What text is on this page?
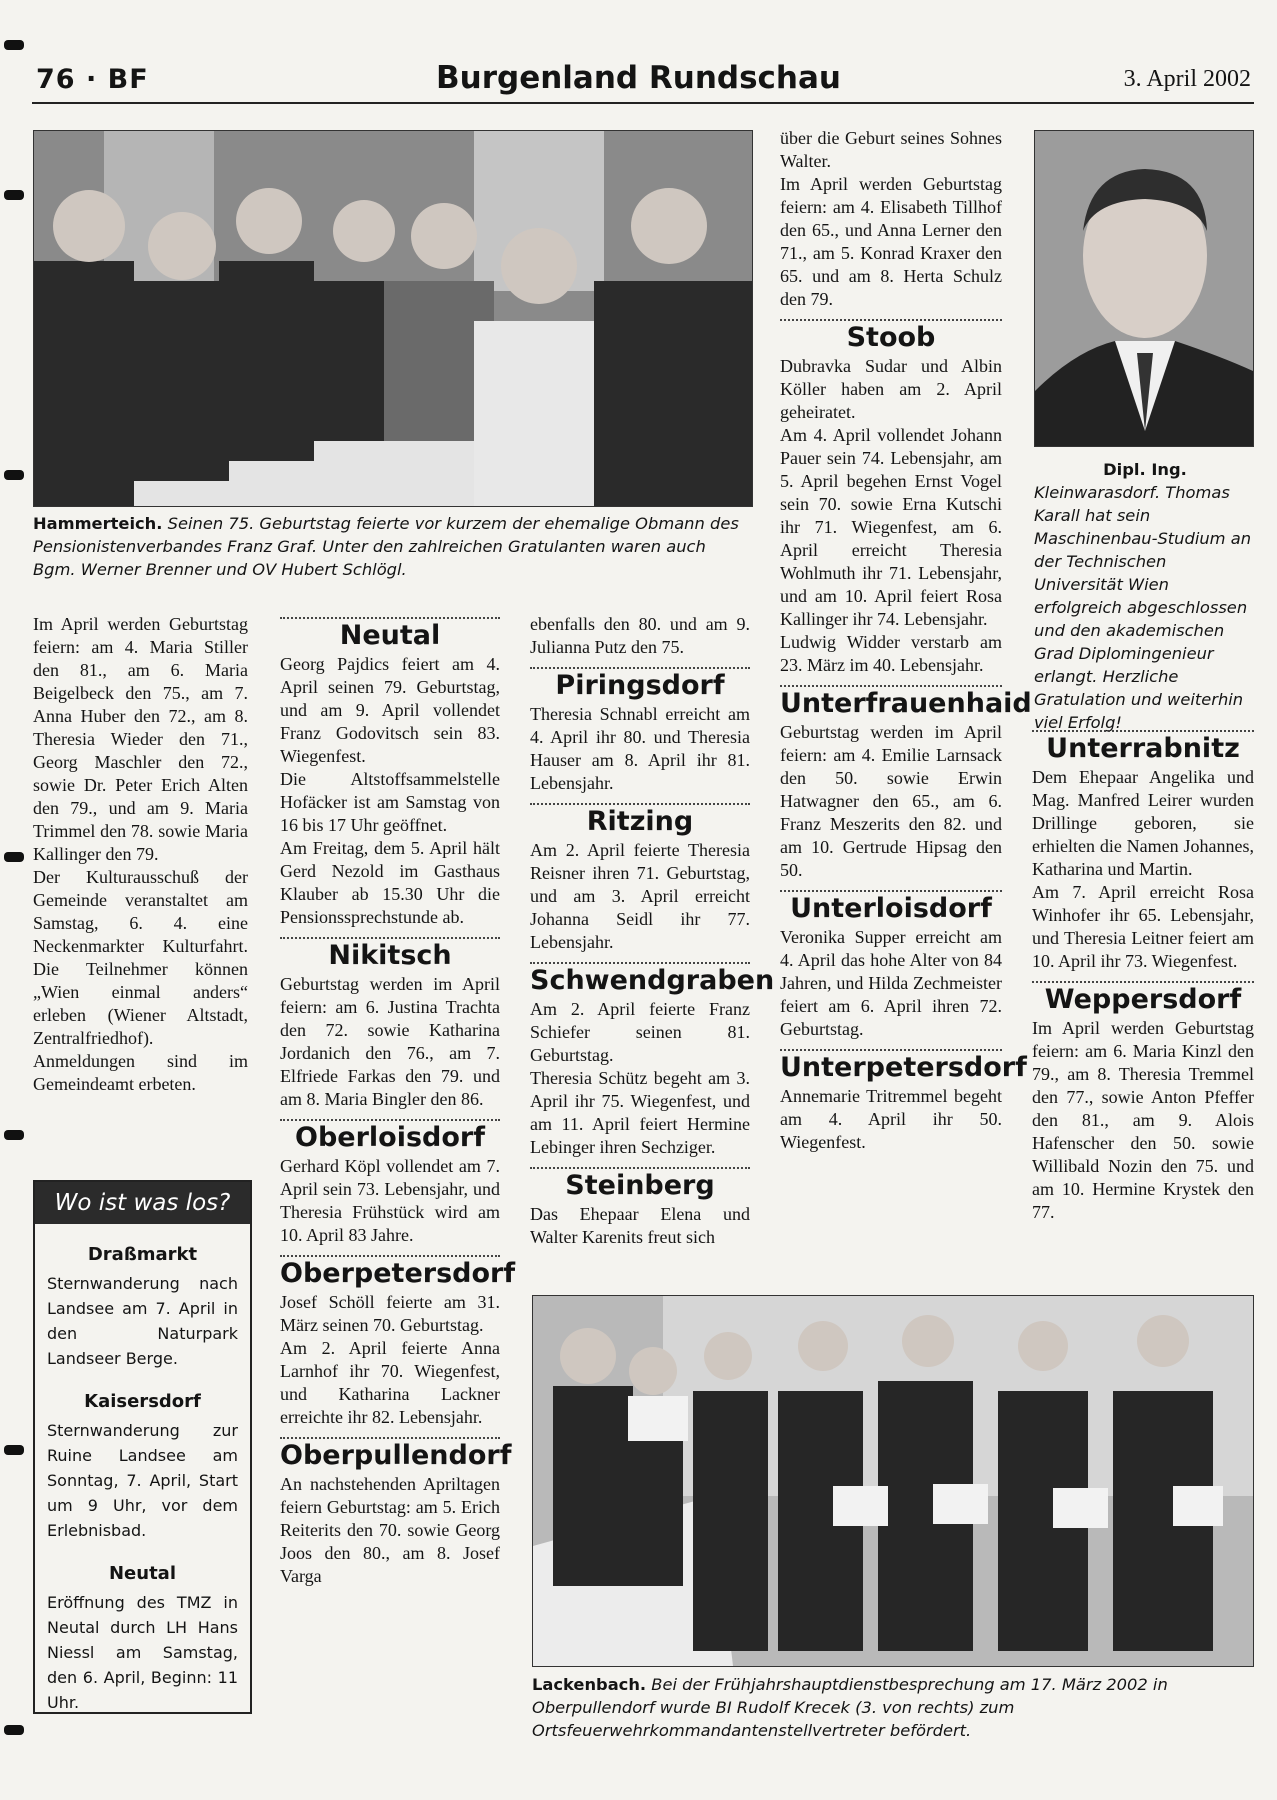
76 · BF	Burgenland Rundschau	3. April 2002
Hammerteich. Seinen 75. Geburtstag feierte vor kurzem der ehemalige Obmann des Pensionistenverbandes Franz Graf. Unter den zahlreichen Gratulanten waren auch Bgm. Werner Brenner und OV Hubert Schlögl.
Dipl. Ing.
Kleinwarasdorf. Thomas Karall hat sein Maschinenbau-Studium an der Technischen Universität Wien erfolgreich abgeschlossen und den akademischen Grad Diplomingenieur erlangt. Herzliche Gratulation und weiterhin viel Erfolg!

Im April werden Geburtstag feiern: am 4. Maria Stiller den 81., am 6. Maria Beigelbeck den 75., am 7. Anna Huber den 72., am 8. Theresia Wieder den 71., Georg Maschler den 72., sowie Dr. Peter Erich Alten den 79., und am 9. Maria Trimmel den 78. sowie Maria Kallinger den 79.

Der Kulturausschuß der Gemeinde veranstaltet am Samstag, 6. 4. eine Neckenmarkter Kulturfahrt. Die Teilnehmer können „Wien einmal anders“ erleben (Wiener Altstadt, Zentralfriedhof). Anmeldungen sind im Gemeindeamt erbeten.

Wo ist was los?
Draßmarkt
Sternwanderung nach Landsee am 7. April in den Naturpark Landseer Berge.
Kaisersdorf
Sternwanderung zur Ruine Landsee am Sonntag, 7. April, Start um 9 Uhr, vor dem Erlebnisbad.
Neutal
Eröffnung des TMZ in Neutal durch LH Hans Niessl am Samstag, den 6. April, Beginn: 11 Uhr.
Neutal

Georg Pajdics feiert am 4. April seinen 79. Geburtstag, und am 9. April vollendet Franz Godovitsch sein 83. Wiegenfest.

Die Altstoffsammelstelle Hofäcker ist am Samstag von 16 bis 17 Uhr geöffnet.

Am Freitag, dem 5. April hält Gerd Nezold im Gasthaus Klauber ab 15.30 Uhr die Pensionssprechstunde ab.

Nikitsch

Geburtstag werden im April feiern: am 6. Justina Trachta den 72. sowie Katharina Jordanich den 76., am 7. Elfriede Farkas den 79. und am 8. Maria Bingler den 86.

Oberloisdorf

Gerhard Köpl vollendet am 7. April sein 73. Lebensjahr, und Theresia Frühstück wird am 10. April 83 Jahre.

Oberpetersdorf

Josef Schöll feierte am 31. März seinen 70. Geburtstag.

Am 2. April feierte Anna Larnhof ihr 70. Wiegenfest, und Katharina Lackner erreichte ihr 82. Lebensjahr.

Oberpullendorf

An nachstehenden Apriltagen feiern Geburtstag: am 5. Erich Reiterits den 70. sowie Georg Joos den 80., am 8. Josef Varga

ebenfalls den 80. und am 9. Julianna Putz den 75.

Piringsdorf

Theresia Schnabl erreicht am 4. April ihr 80. und Theresia Hauser am 8. April ihr 81. Lebensjahr.

Ritzing

Am 2. April feierte Theresia Reisner ihren 71. Geburtstag, und am 3. April erreicht Johanna Seidl ihr 77. Lebensjahr.

Schwendgraben

Am 2. April feierte Franz Schiefer seinen 81. Geburtstag.

Theresia Schütz begeht am 3. April ihr 75. Wiegenfest, und am 11. April feiert Hermine Lebinger ihren Sechziger.

Steinberg

Das Ehepaar Elena und Walter Karenits freut sich

über die Geburt seines Sohnes Walter.

Im April werden Geburtstag feiern: am 4. Elisabeth Tillhof den 65., und Anna Lerner den 71., am 5. Konrad Kraxer den 65. und am 8. Herta Schulz den 79.

Stoob

Dubravka Sudar und Albin Köller haben am 2. April geheiratet.

Am 4. April vollendet Johann Pauer sein 74. Lebensjahr, am 5. April begehen Ernst Vogel sein 70. sowie Erna Kutschi ihr 71. Wiegenfest, am 6. April erreicht Theresia Wohlmuth ihr 71. Lebensjahr, und am 10. April feiert Rosa Kallinger ihr 74. Lebensjahr.

Ludwig Widder verstarb am 23. März im 40. Lebensjahr.

Unterfrauenhaid

Geburtstag werden im April feiern: am 4. Emilie Larnsack den 50. sowie Erwin Hatwagner den 65., am 6. Franz Meszerits den 82. und am 10. Gertrude Hipsag den 50.

Unterloisdorf

Veronika Supper erreicht am 4. April das hohe Alter von 84 Jahren, und Hilda Zechmeister feiert am 6. April ihren 72. Geburtstag.

Unterpetersdorf

Annemarie Tritremmel begeht am 4. April ihr 50. Wiegenfest.

Unterrabnitz

Dem Ehepaar Angelika und Mag. Manfred Leirer wurden Drillinge geboren, sie erhielten die Namen Johannes, Katharina und Martin.

Am 7. April erreicht Rosa Winhofer ihr 65. Lebensjahr, und Theresia Leitner feiert am 10. April ihr 73. Wiegenfest.

Weppersdorf

Im April werden Geburtstag feiern: am 6. Maria Kinzl den 79., am 8. Theresia Tremmel den 77., sowie Anton Pfeffer den 81., am 9. Alois Hafenscher den 50. sowie Willibald Nozin den 75. und am 10. Hermine Krystek den 77.

Lackenbach. Bei der Frühjahrshauptdienstbesprechung am 17. März 2002 in Oberpullendorf wurde BI Rudolf Krecek (3. von rechts) zum Ortsfeuerwehrkommandantenstellvertreter befördert.
